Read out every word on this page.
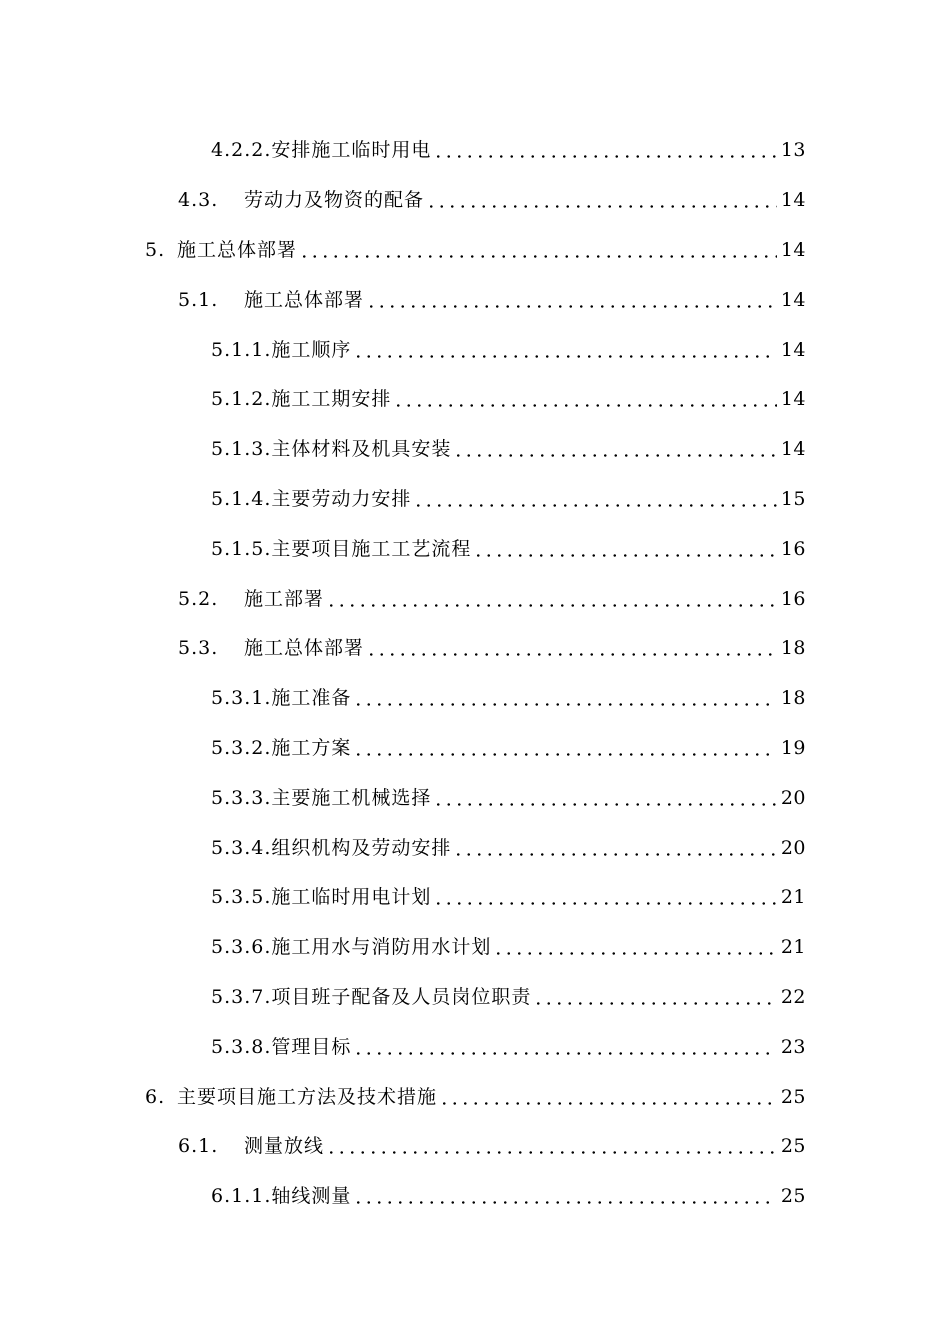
4.2.2. 安排施工临时用电	13
4.3.	劳动力及物资的配备	14
5. 施工总体部署	14
5.1.	施工总体部署	14
5.1.1. 施工顺序	14
5.1.2. 施工工期安排	14
5.1.3. 主体材料及机具安装	14
5.1.4. 主要劳动力安排	15
5.1.5. 主要项目施工工艺流程	16
5.2.	施工部署	16
5.3.	施工总体部署	18
5.3.1. 施工准备	18
5.3.2. 施工方案	19
5.3.3. 主要施工机械选择	20
5.3.4. 组织机构及劳动安排	20
5.3.5. 施工临时用电计划	21
5.3.6. 施工用水与消防用水计划	21
5.3.7. 项目班子配备及人员岗位职责	22
5.3.8. 管理目标	23
6. 主要项目施工方法及技术措施	25
6.1.	测量放线	25
6.1.1. 轴线测量	25
